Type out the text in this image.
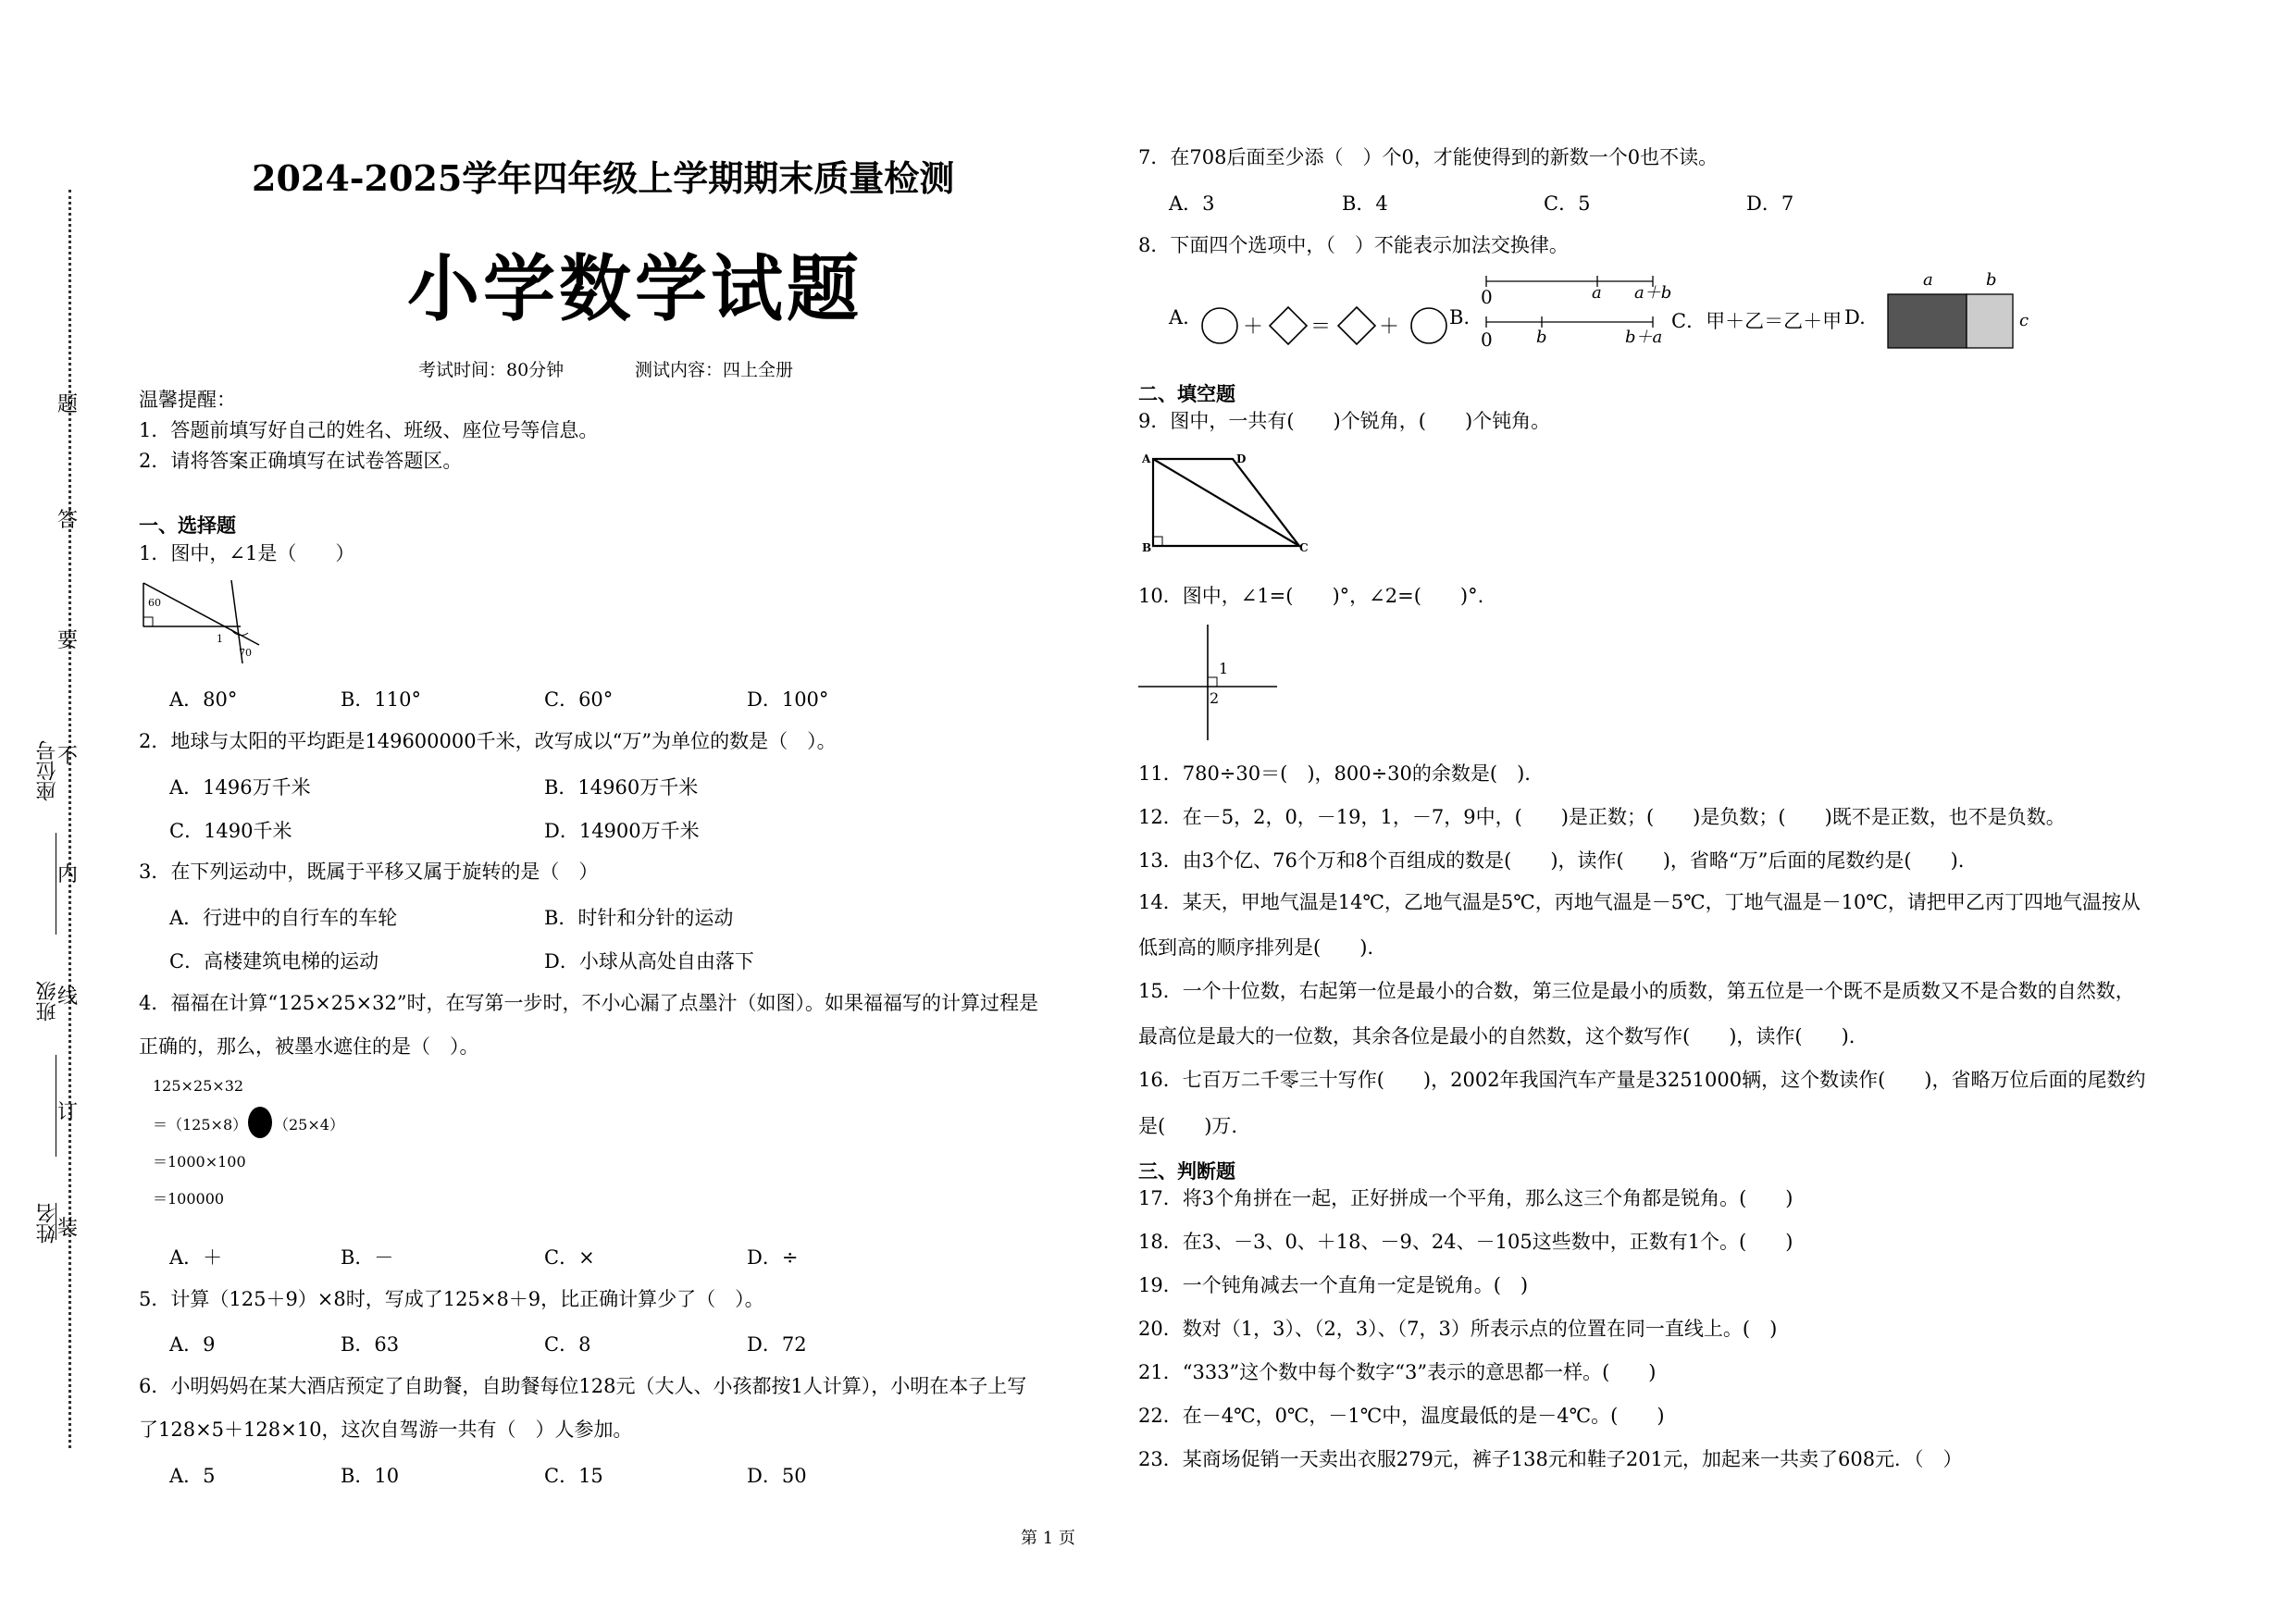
题
答
要
不
内
线
订
装
座位号
班级
姓名
2024-2025学年四年级上学期期末质量检测
小学数学试题
考试时间：80分钟	测试内容：四上全册
温馨提醒：
1．答题前填写好自己的姓名、班级、座位号等信息。
2．请将答案正确填写在试卷答题区。
一、选择题
1．图中，∠1是（　　）
60
1
70
A．80°	B．110°	C．60°	D．100°
2．地球与太阳的平均距是149600000千米，改写成以“万”为单位的数是（　）。
A．1496万千米	B．14960万千米
C．1490千米	D．14900万千米
3．在下列运动中，既属于平移又属于旋转的是（　）
A．行进中的自行车的车轮	B．时针和分针的运动
C．高楼建筑电梯的运动	D．小球从高处自由落下
4．福福在计算“125×25×32”时，在写第一步时，不小心漏了点墨汁（如图）。如果福福写的计算过程是
正确的，那么，被墨水遮住的是（　）。
125×25×32
＝（125×8） （25×4）
＝1000×100
＝100000
A．＋	B．－	C．×	D．÷
5．计算（125＋9）×8时，写成了125×8＋9，比正确计算少了（　）。
A．9	B．63	C．8	D．72
6．小明妈妈在某大酒店预定了自助餐，自助餐每位128元（大人、小孩都按1人计算），小明在本子上写
了128×5＋128×10，这次自驾游一共有（　）人参加。
A．5	B．10	C．15	D．50
7．在708后面至少添（　）个0，才能使得到的新数一个0也不读。
A．3	B．4	C．5	D．7
8．下面四个选项中，（　）不能表示加法交换律。
A.	＋ ＝ ＋	B.
0	a a＋b
0	b	b＋a
C．甲＋乙＝乙＋甲 D.
a	b
c
二、填空题
9．图中，一共有(　　)个锐角，(　　)个钝角。
A	D
B	C
10．图中，∠1=(　　)°，∠2=(　　)°.
1
2
11．780÷30＝(　)，800÷30的余数是(　).
12．在－5，2，0，－19，1，－7，9中，(　　)是正数；(　　)是负数；(　　)既不是正数，也不是负数。
13．由3个亿、76个万和8个百组成的数是(　　)，读作(　　)，省略“万”后面的尾数约是(　　).
14．某天，甲地气温是14℃，乙地气温是5℃，丙地气温是－5℃，丁地气温是－10℃，请把甲乙丙丁四地气温按从
低到高的顺序排列是(　　).
15．一个十位数，右起第一位是最小的合数，第三位是最小的质数，第五位是一个既不是质数又不是合数的自然数，
最高位是最大的一位数，其余各位是最小的自然数，这个数写作(　　)，读作(　　).
16．七百万二千零三十写作(　　)，2002年我国汽车产量是3251000辆，这个数读作(　　)，省略万位后面的尾数约
是(　　)万.
三、判断题
17．将3个角拼在一起，正好拼成一个平角，那么这三个角都是锐角。(　　)
18．在3、－3、0、＋18、－9、24、－105这些数中，正数有1个。(　　)
19．一个钝角减去一个直角一定是锐角。(　)
20．数对（1，3）、（2，3）、（7，3）所表示点的位置在同一直线上。(　)
21．“333”这个数中每个数字“3”表示的意思都一样。(　　)
22．在－4℃，0℃，－1℃中，温度最低的是－4℃。(　　)
23．某商场促销一天卖出衣服279元，裤子138元和鞋子201元，加起来一共卖了608元．（　）
第 1 页
